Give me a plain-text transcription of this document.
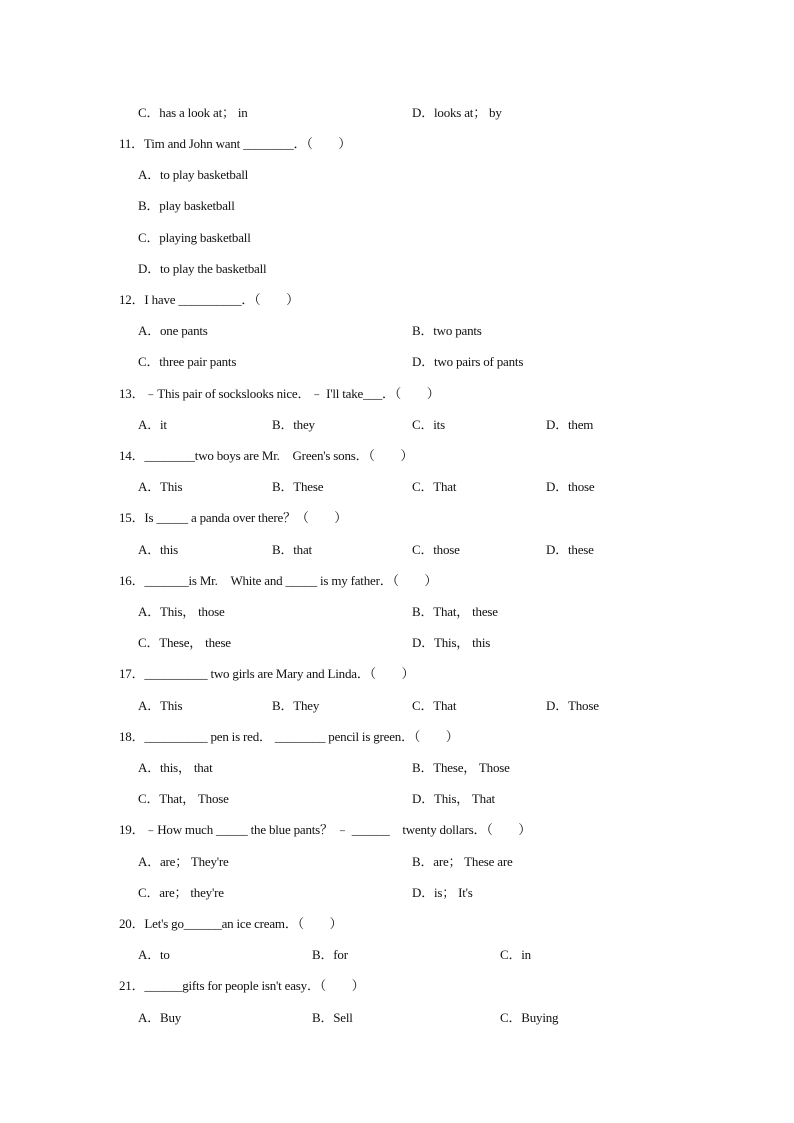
C．has a look at； in	D．looks at； by
11．Tim and John want ________．（　　）
A．to play basketball
B．play basketball
C．playing basketball
D．to play the basketball
12．I have __________．（　　）
A．one pants	B．two pants
C．three pair pants	D．two pairs of pants
13．﹣This pair of sockslooks nice．﹣ I'll take___．（　　）
A．it	B．they	C．its	D．them
14．________two boys are Mr.　Green's sons．（　　）
A．This	B．These	C．That	D．those
15．Is _____ a panda over there？（　　）
A．this	B．that	C．those	D．these
16．_______is Mr.　White and _____ is my father．（　　）
A．This， those	B．That， these
C．These， these	D．This， this
17．__________ two girls are Mary and Linda．（　　）
A．This	B．They	C．That	D．Those
18．__________ pen is red． ________ pencil is green．（　　）
A．this， that	B．These， Those
C．That， Those	D．This， That
19．﹣How much _____ the blue pants？ ﹣ ______　twenty dollars．（　　）
A．are； They're	B．are； These are
C．are； they're	D．is； It's
20．Let's go______an ice cream．（　　）
A．to	B．for	C．in
21．______gifts for people isn't easy．（　　）
A．Buy	B．Sell	C．Buying
